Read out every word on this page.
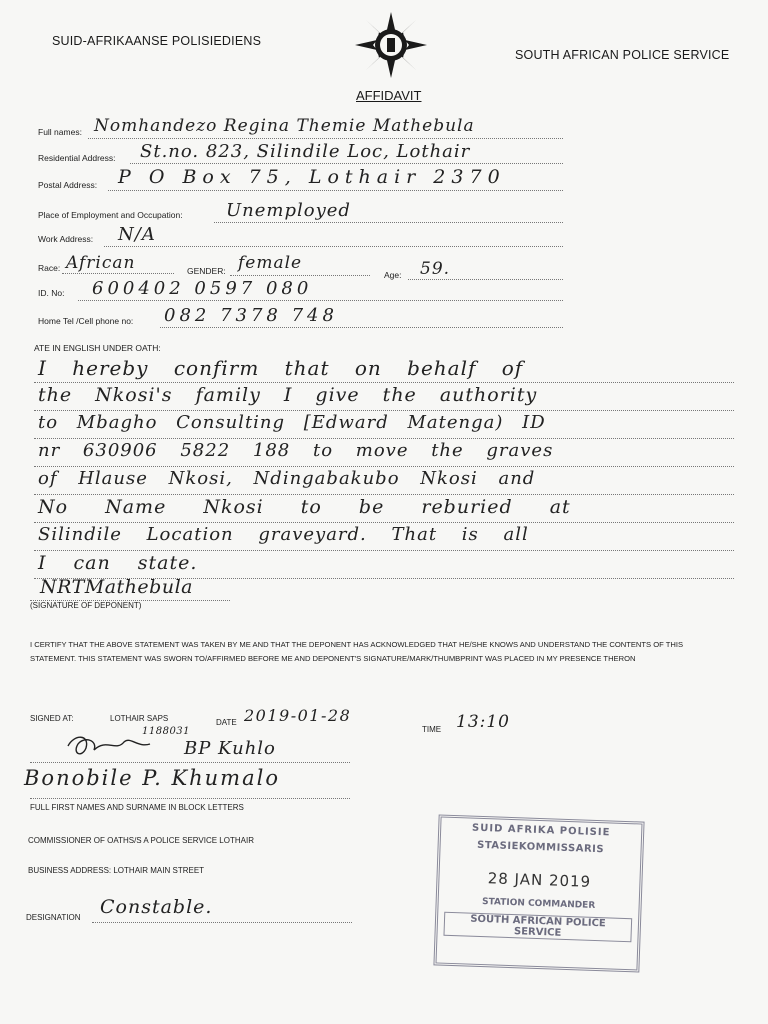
SUID-AFRIKAANSE POLISIEDIENS
SOUTH AFRICAN POLICE SERVICE
AFFIDAVIT
Full names: Nomhandezo Regina Themie Mathebula
Residential Address: St.no. 823, Silindile Loc, Lothair
Postal Address: P O Box 75, Lothair 2370
Place of Employment and Occupation: Unemployed
Work Address: N/A
Race: African	GENDER: female
Age: 59.
ID. No: 600402 0597 080
Home Tel /Cell phone no: 082 7378 748
ATE IN ENGLISH UNDER OATH:
I hereby confirm that on behalf of
the Nkosi's family I give the authority
to Mbagho Consulting [Edward Matenga) ID
nr 630906 5822 188 to move the graves
of Hlause Nkosi, Ndingabakubo Nkosi and
No Name Nkosi to be reburied at
Silindile Location graveyard. That is all
I can state.
NRTMathebula
(SIGNATURE OF DEPONENT)
I CERTIFY THAT THE ABOVE STATEMENT WAS TAKEN BY ME AND THAT THE DEPONENT HAS ACKNOWLEDGED THAT HE/SHE KNOWS AND UNDERSTAND THE CONTENTS OF THIS STATEMENT. THIS STATEMENT WAS SWORN TO/AFFIRMED BEFORE ME AND DEPONENT'S SIGNATURE/MARK/THUMBPRINT WAS PLACED IN MY PRESENCE THERON
SIGNED AT:	LOTHAIR SAPS	DATE 2019-01-28
TIME 13:10
1188031
BP Kuhlo
Bonobile P. Khumalo
FULL FIRST NAMES AND SURNAME IN BLOCK LETTERS
COMMISSIONER OF OATHS/S A POLICE SERVICE LOTHAIR
BUSINESS ADDRESS: LOTHAIR MAIN STREET
DESIGNATION Constable.
SUID AFRIKA POLISIE
STASIEKOMMISSARIS
28 JAN 2019
STATION COMMANDER
SOUTH AFRICAN POLICE SERVICE
